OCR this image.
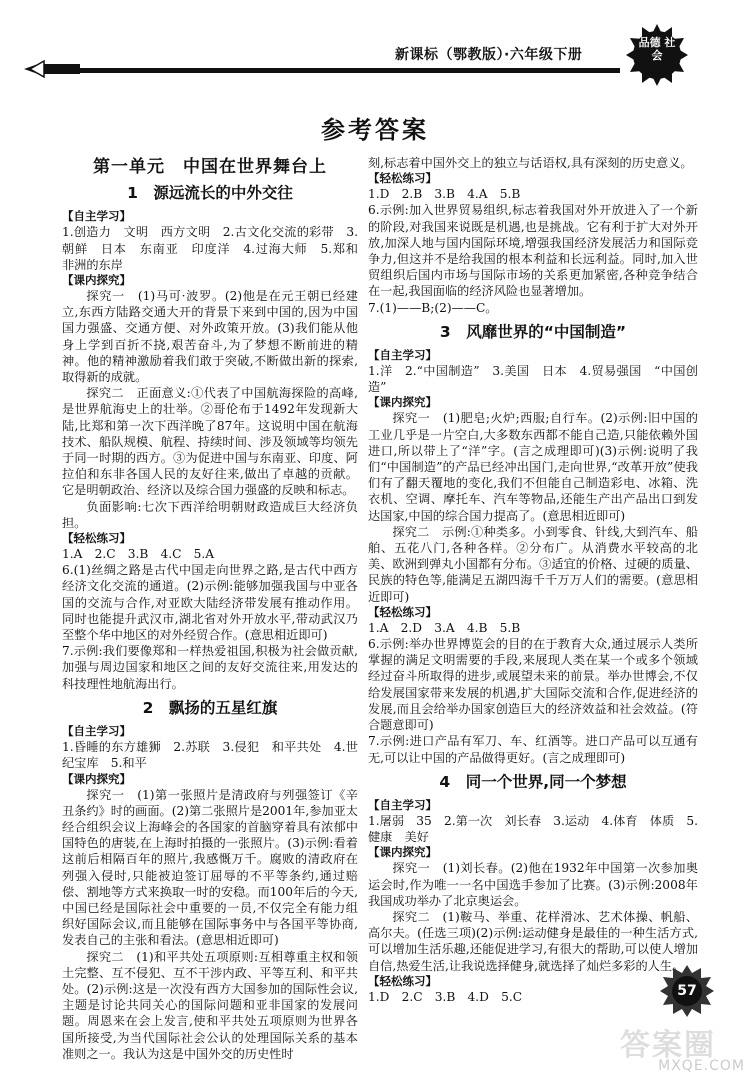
新课标（鄂教版）·六年级下册
品德 社会
参考答案
第一单元　中国在世界舞台上
1　源远流长的中外交往
【自主学习】

1.创造力　文明　西方文明　2.古文化交流的彩带　3.朝鲜　日本　东南亚　印度洋　4.过海大师　5.郑和　非洲的东岸

【课内探究】

探究一　(1)马可·波罗。(2)他是在元王朝已经建立,东西方陆路交通大开的背景下来到中国的,因为中国国力强盛、交通方便、对外政策开放。(3)我们能从他身上学到百折不挠,艰苦奋斗,为了梦想不断前进的精神。他的精神激励着我们敢于突破,不断做出新的探索,取得新的成就。

探究二　正面意义:①代表了中国航海探险的高峰,是世界航海史上的壮举。②哥伦布于1492年发现新大陆,比郑和第一次下西洋晚了87年。这说明中国在航海技术、船队规模、航程、持续时间、涉及领域等均领先于同一时期的西方。③为促进中国与东南亚、印度、阿拉伯和东非各国人民的友好往来,做出了卓越的贡献。它是明朝政治、经济以及综合国力强盛的反映和标志。

负面影响:七次下西洋给明朝财政造成巨大经济负担。

【轻松练习】

1.A　2.C　3.B　4.C　5.A

6.(1)丝绸之路是古代中国走向世界之路,是古代中西方经济文化交流的通道。(2)示例:能够加强我国与中亚各国的交流与合作,对亚欧大陆经济带发展有推动作用。同时也能提升武汉市,湖北省对外开放水平,带动武汉乃至整个华中地区的对外经贸合作。(意思相近即可)

7.示例:我们要像郑和一样热爱祖国,积极为社会做贡献,加强与周边国家和地区之间的友好交流往来,用发达的科技理性地航海出行。

2　飘扬的五星红旗
【自主学习】

1.昏睡的东方雄狮　2.苏联　3.侵犯　和平共处　4.世纪宝库　5.和平

【课内探究】

探究一　(1)第一张照片是清政府与列强签订《辛丑条约》时的画面。(2)第二张照片是2001年,参加亚太经合组织会议上海峰会的各国家的首脑穿着具有浓郁中国特色的唐装,在上海时拍摄的一张照片。(3)示例:看着这前后相隔百年的照片,我感慨万千。腐败的清政府在列强入侵时,只能被迫签订屈辱的不平等条约,通过赔偿、割地等方式来换取一时的安稳。而100年后的今天,中国已经是国际社会中重要的一员,不仅完全有能力组织好国际会议,而且能够在国际事务中与各国平等协商,发表自己的主张和看法。(意思相近即可)

探究二　(1)和平共处五项原则:互相尊重主权和领土完整、互不侵犯、互不干涉内政、平等互利、和平共处。(2)示例:这是一次没有西方大国参加的国际性会议,主题是讨论共同关心的国际问题和亚非国家的发展问题。周恩来在会上发言,使和平共处五项原则为世界各国所接受,为当代国际社会公认的处理国际关系的基本准则之一。我认为这是中国外交的历史性时

刻,标志着中国外交上的独立与话语权,具有深刻的历史意义。

【轻松练习】

1.D　2.B　3.B　4.A　5.B

6.示例:加入世界贸易组织,标志着我国对外开放进入了一个新的阶段,对我国来说既是机遇,也是挑战。它有利于扩大对外开放,加深人地与国内国际环境,增强我国经济发展活力和国际竞争力,但这并不是给我国的根本利益和长远利益。同时,加入世贸组织后国内市场与国际市场的关系更加紧密,各种竞争结合在一起,我国面临的经济风险也显著增加。

7.(1)——B;(2)——C。

3　风靡世界的“中国制造”
【自主学习】

1.洋　2.“中国制造”　3.美国　日本　4.贸易强国　“中国创造”

【课内探究】

探究一　(1)肥皂;火炉;西服;自行车。(2)示例:旧中国的工业几乎是一片空白,大多数东西都不能自己造,只能依赖外国进口,所以带上了“洋”字。(言之成理即可)(3)示例:说明了我们“中国制造”的产品已经冲出国门,走向世界,“改革开放”使我们有了翻天覆地的变化,我们不但能自己制造彩电、冰箱、洗衣机、空调、摩托车、汽车等物品,还能生产出产品出口到发达国家,中国的综合国力提高了。(意思相近即可)

探究二　示例:①种类多。小到零食、针线,大到汽车、船舶、五花八门,各种各样。②分布广。从消费水平较高的北美、欧洲到弹丸小国都有分布。③适宜的价格、过硬的质量、民族的特色等,能满足五湖四海千千万万人们的需要。(意思相近即可)

【轻松练习】

1.A　2.D　3.A　4.B　5.B

6.示例:举办世界博览会的目的在于教育大众,通过展示人类所掌握的满足文明需要的手段,来展现人类在某一个或多个领域经过奋斗所取得的进步,或展望未来的前景。举办世博会,不仅给发展国家带来发展的机遇,扩大国际交流和合作,促进经济的发展,而且会给举办国家创造巨大的经济效益和社会效益。(符合题意即可)

7.示例:进口产品有军刀、车、红酒等。进口产品可以互通有无,可以让中国的产品做得更好。(言之成理即可)

4　同一个世界,同一个梦想
【自主学习】

1.屠弱　35　2.第一次　刘长春　3.运动　4.体育　体质　5.健康　美好

【课内探究】

探究一　(1)刘长春。(2)他在1932年中国第一次参加奥运会时,作为唯一一名中国选手参加了比赛。(3)示例:2008年我国成功举办了北京奥运会。

探究二　(1)鞍马、举重、花样滑冰、艺术体操、帆船、高尔夫。(任选三项)(2)示例:运动健身是最佳的一种生活方式,可以增加生活乐趣,还能促进学习,有很大的帮助,可以使人增加自信,热爱生活,让我说选择健身,就选择了灿烂多彩的人生。

【轻松练习】

1.D　2.C　3.B　4.D　5.C	57
答案圈
MXQE.COM
